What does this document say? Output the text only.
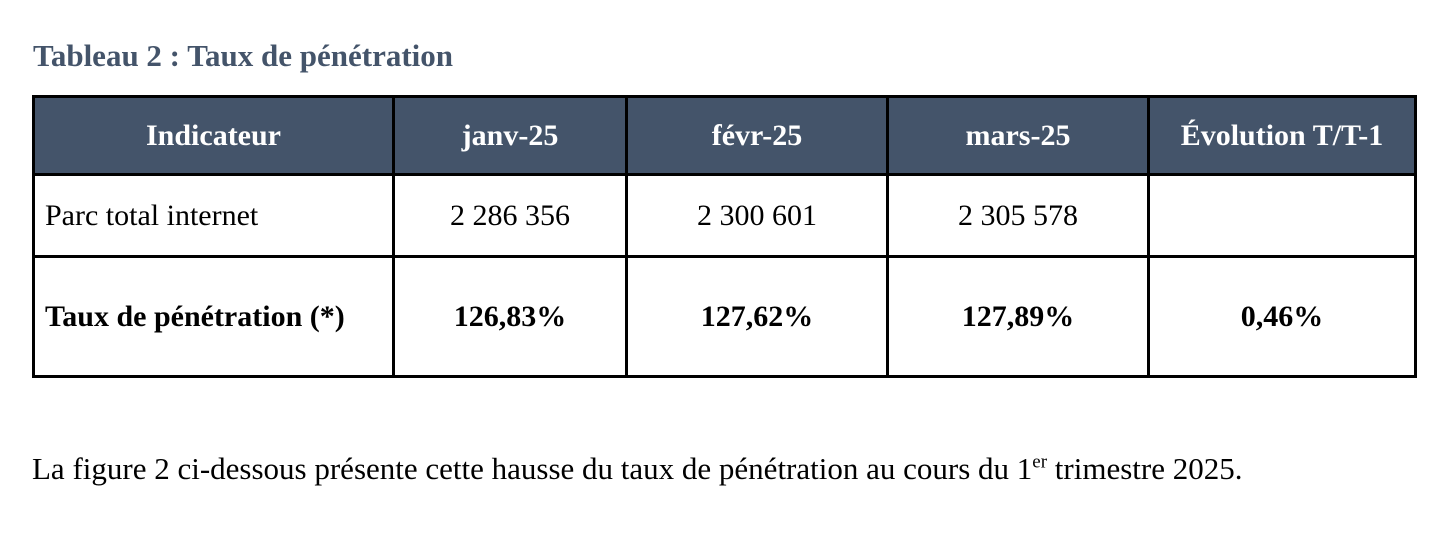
Tableau 2 : Taux de pénétration
Indicateur	janv-25	févr-25	mars-25	Évolution T/T-1
Parc total internet	2 286 356	2 300 601	2 305 578	
Taux de pénétration (*)	126,83%	127,62%	127,89%	0,46%

La figure 2 ci-dessous présente cette hausse du taux de pénétration au cours du 1er trimestre 2025.
